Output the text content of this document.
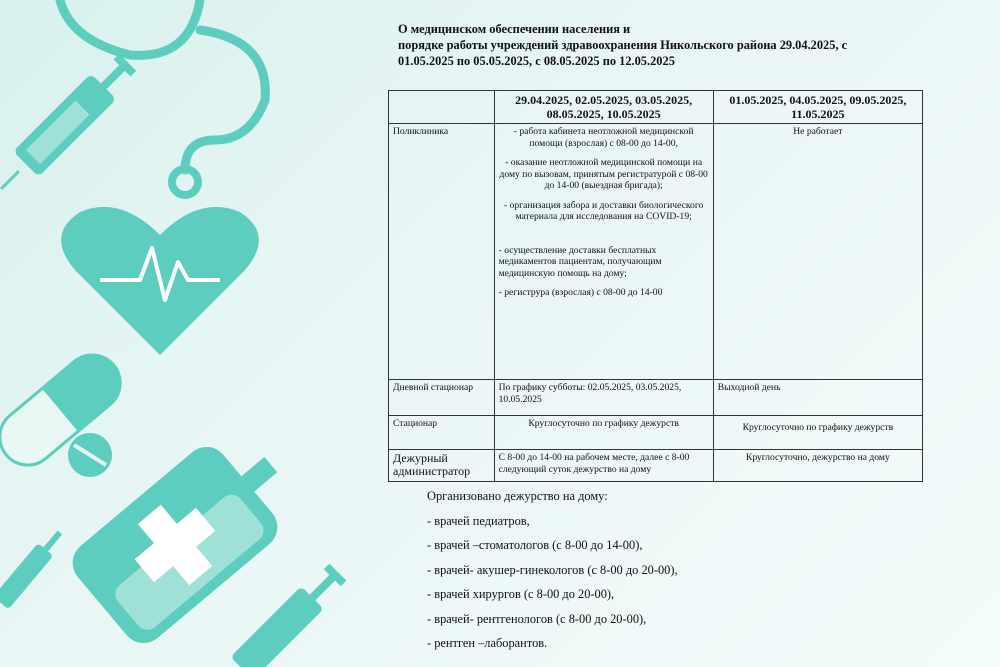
О медицинском обеспечении населения и
порядке работы учреждений здравоохранения Никольского района 29.04.2025, с
01.05.2025 по 05.05.2025, с 08.05.2025 по 12.05.2025
	29.04.2025, 02.05.2025, 03.05.2025, 08.05.2025, 10.05.2025	01.05.2025, 04.05.2025, 09.05.2025, 11.05.2025
Поликлиника	- работа кабинета неотложной медицинской помощи (взрослая) с 08-00 до 14-00,
- оказание неотложной медицинской помощи на дому по вызовам, принятым регистратурой с 08-00 до 14-00 (выездная бригада);
- организация забора и доставки биологического материала для исследования на COVID-19;
- осуществление доставки бесплатных медикаментов пациентам, получающим медицинскую помощь на дому;
- региструра (взрослая) с 08-00 до 14-00	Не работает
Дневной стационар	По графику субботы: 02.05.2025, 03.05.2025, 10.05.2025	Выходной день
Стационар	Круглосуточно по графику дежурств	Круглосуточно по графику дежурств
Дежурный администратор	С 8-00 до 14-00 на рабочем месте, далее с 8-00 следующий суток дежурство на дому	Круглосуточно, дежурство на дому
Организовано дежурство на дому:
- врачей педиатров,
- врачей –стоматологов (с 8-00 до 14-00),
- врачей- акушер-гинекологов (с 8-00 до 20-00),
- врачей хирургов (с 8-00 до 20-00),
- врачей- рентгенологов (с 8-00 до 20-00),
- рентген –лаборантов.
